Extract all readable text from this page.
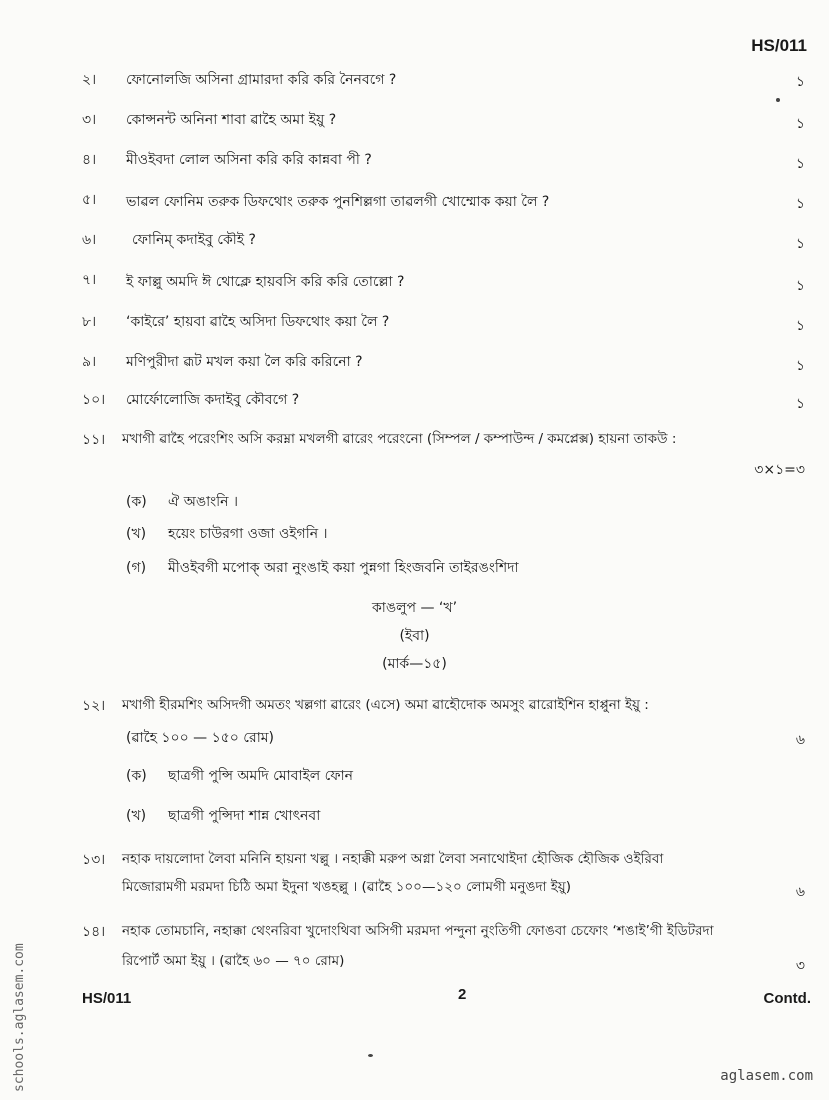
HS/011
২।	ফোনোলজি অসিনা গ্ৰামারদা করি করি নৈনবগে ?	১
৩।	কোন্সনন্ট অনিনা শাবা ৱাহৈ অমা ইয়ু ?	১
৪।	মীওইবদা লোল অসিনা করি করি কান্নবা পী ?	১
৫।	ভাৱল ফোনিম তরুক ডিফথোং তরুক পুনশিল্লগা তাৱলগী খোম্মোক কয়া লৈ ?	১
৬।	ফোনিম্ কদাইবু কৌই ?	১
৭।	ই ফাল্লু অমদি ঈ থোক্লে হায়বসি করি করি তোল্লো ?	১
৮।	‘কাইরে’ হায়বা ৱাহৈ অসিদা ডিফথোং কয়া লৈ ?	১
৯।	মণিপুরীদা ৱূট মখল কয়া লৈ করি করিনো ?	১
১০।	মোর্ফোলোজি কদাইবু কৌবগে ?	১
১১।	মখাগী ৱাহৈ পরেংশিং অসি করম্না মখলগী ৱারেং পরেংনো (সিম্পল / কম্পাউন্দ / কমপ্লেক্স) হায়না তাকউ :
৩×১=৩
(ক) ঐ অঙাংনি ।
(খ) হয়েং চাউরগা ওজা ওইগনি ।
(গ) মীওইবগী মপোক্ অরা নুংঙাই কয়া পুন্নগা হিংজবনি তাইরঙংশিদা
কাঙলুপ — ‘খ’
(ইবা)
(মার্ক—১৫)
১২।	মখাগী হীরমশিং অসিদগী অমতং খল্লগা ৱারেং (এসে) অমা ৱাহৌদোক অমসুং ৱারোইশিন হাপ্পুনা ইয়ু :
(ৱাহৈ ১০০ — ১৫০ রোম)	৬
(ক) ছাত্রগী পুন্সি অমদি মোবাইল ফোন
(খ) ছাত্রগী পুন্সিদা শান্ন খোৎনবা
১৩।	নহাক দায়লোদা লৈবা মনিনি হায়না খল্লু । নহাক্কী মরুপ অগ্না লৈবা সনাথোইদা হৌজিক হৌজিক ওইরিবা
মিজোরামগী মরমদা চিঠি অমা ইদুনা খঙহল্লু । (ৱাহৈ ১০০—১২০ লোমগী মনুঙদা ইয়ু)	৬
১৪।	নহাক তোমচানি, নহাক্কা থেংনরিবা খুদোংথিবা অসিগী মরমদা পন্দুনা নুংতিগী ফোঙবা চেফোং ‘শঙাই’গী ইডিটরদা
রিপোর্ট অমা ইয়ু । (ৱাহৈ ৬০ — ৭০ রোম)	৩
HS/011	2	Contd.
schools.aglasem.com	aglasem.com
